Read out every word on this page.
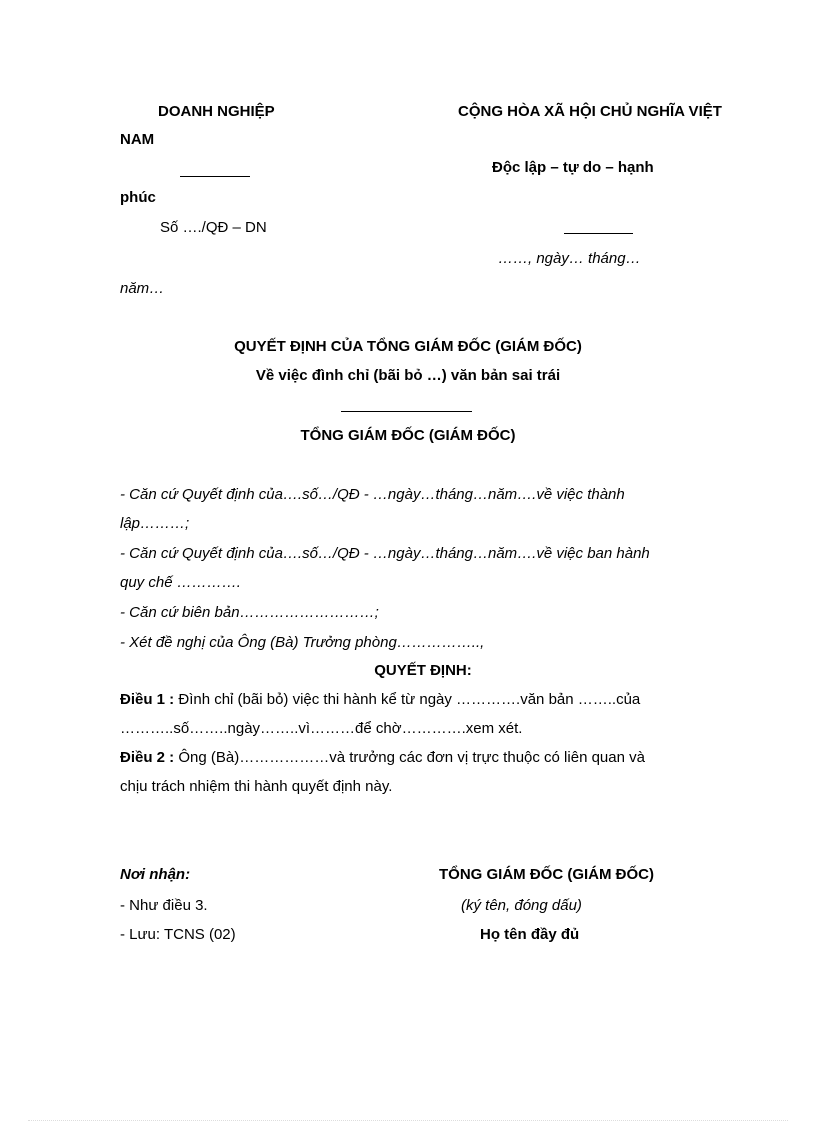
DOANH NGHIỆP	CỘNG HÒA XÃ HỘI CHỦ NGHĨA VIỆT
NAM
Độc lập – tự do – hạnh
phúc
Số …./QĐ – DN
……, ngày… tháng…
năm…
QUYẾT ĐỊNH CỦA TỔNG GIÁM ĐỐC (GIÁM ĐỐC)
Về việc đình chỉ (bãi bỏ …) văn bản sai trái
TỔNG GIÁM ĐỐC (GIÁM ĐỐC)
- Căn cứ Quyết định của….số…/QĐ - …ngày…tháng…năm….về việc thành
lập………;
- Căn cứ Quyết định của….số…/QĐ - …ngày…tháng…năm….về việc ban hành
quy chế ………….
- Căn cứ biên bản………………………;
- Xét đề nghị của Ông (Bà) Trưởng phòng……………..,
QUYẾT ĐỊNH:
Điều 1 : Đình chỉ (bãi bỏ) việc thi hành kể từ ngày ………….văn bản ……..của
………..số……..ngày……..vì………để chờ………….xem xét.
Điều 2 : Ông (Bà)………………và trưởng các đơn vị trực thuộc có liên quan và
chịu trách nhiệm thi hành quyết định này.
Nơi nhận:
- Như điều 3.
- Lưu: TCNS (02)
TỔNG GIÁM ĐỐC (GIÁM ĐỐC)
(ký tên, đóng dấu)
Họ tên đầy đủ
